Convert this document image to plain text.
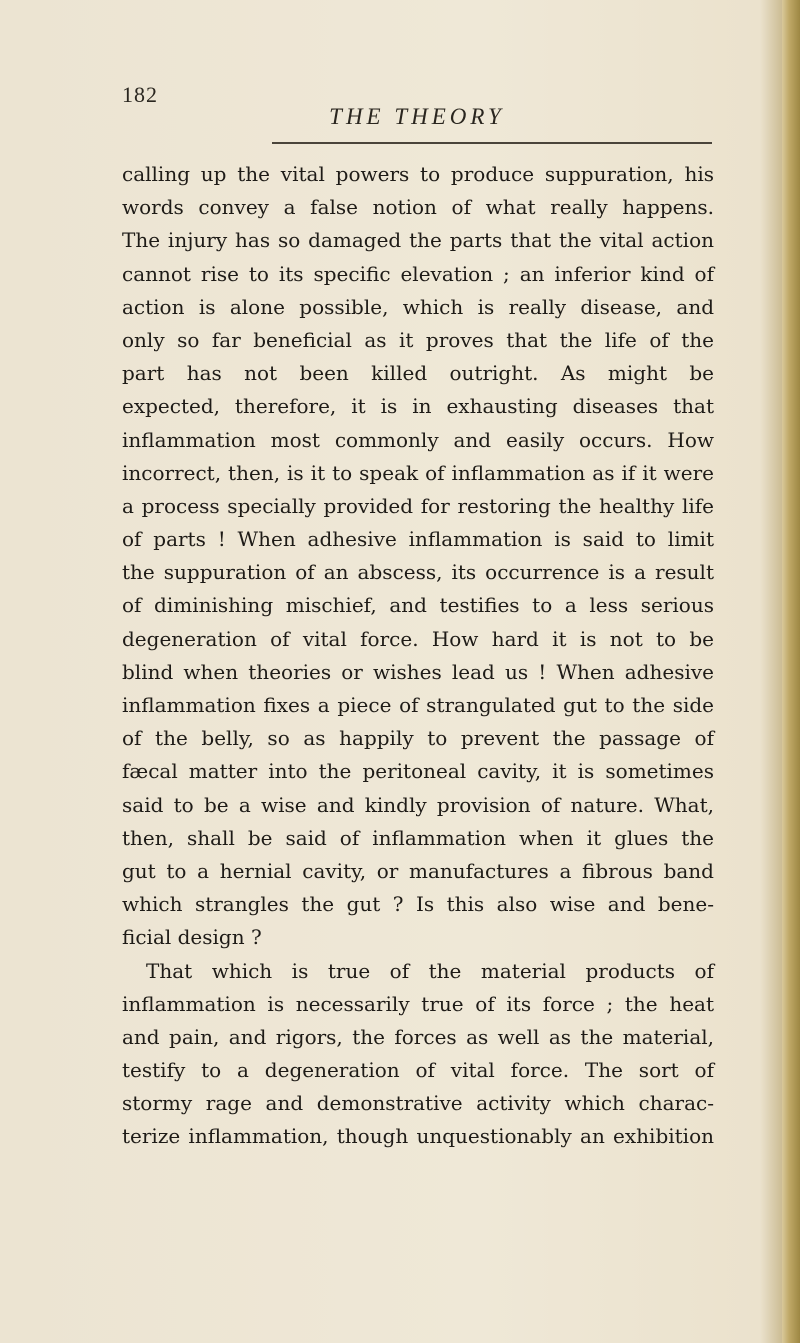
182
THE THEORY
calling up the vital powers to produce suppuration, his
words convey a false notion of what really happens.
The injury has so damaged the parts that the vital action
cannot rise to its specific elevation ; an inferior kind of
action is alone possible, which is really disease, and
only so far beneficial as it proves that the life of the
part has not been killed outright. As might be
expected, therefore, it is in exhausting diseases that
inflammation most commonly and easily occurs. How
incorrect, then, is it to speak of inflammation as if it were
a process specially provided for restoring the healthy life
of parts ! When adhesive inflammation is said to limit
the suppuration of an abscess, its occurrence is a result
of diminishing mischief, and testifies to a less serious
degeneration of vital force. How hard it is not to be
blind when theories or wishes lead us ! When adhesive
inflammation fixes a piece of strangulated gut to the side
of the belly, so as happily to prevent the passage of
fæcal matter into the peritoneal cavity, it is sometimes
said to be a wise and kindly provision of nature. What,
then, shall be said of inflammation when it glues the
gut to a hernial cavity, or manufactures a fibrous band
which strangles the gut ? Is this also wise and bene-
ficial design ?
That which is true of the material products of
inflammation is necessarily true of its force ; the heat
and pain, and rigors, the forces as well as the material,
testify to a degeneration of vital force. The sort of
stormy rage and demonstrative activity which charac-
terize inflammation, though unquestionably an exhibition
